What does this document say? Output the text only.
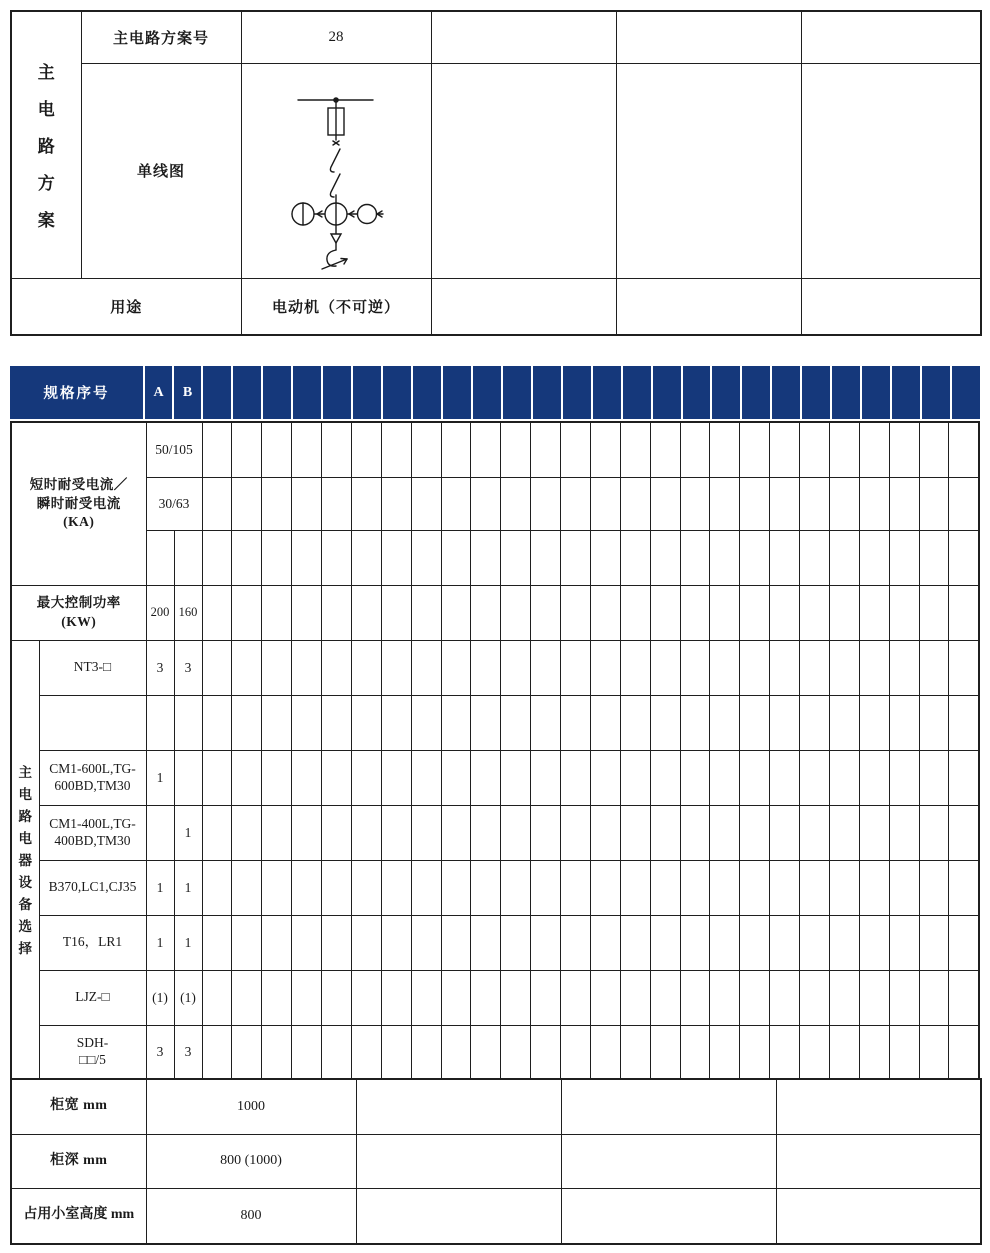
主
电
路
方
案	主电路方案号	28			
	单线图				
用途		电动机（不可逆）			
规格序号	A	B
短时耐受电流／
瞬时耐受电流
(KA)		50/105																											
		30/63																											

最大控制功率
(KW)		200	160																										

主
电
路
电
器
设
备
选
择
	NT3-□	3	3																										

	CM1-600L,TG-
600BD,TM30	1																											

	CM1-400L,TG-
400BD,TM30		1																										
	B370,LC1,CJ35	1	1																										
	T16，LR1	1	1																										
	LJZ-□	(1)	(1)																										

	SDH-
□□/5	3	3																										
柜宽 mm	1000			
柜深 mm	800 (1000)			
占用小室高度 mm	800			
